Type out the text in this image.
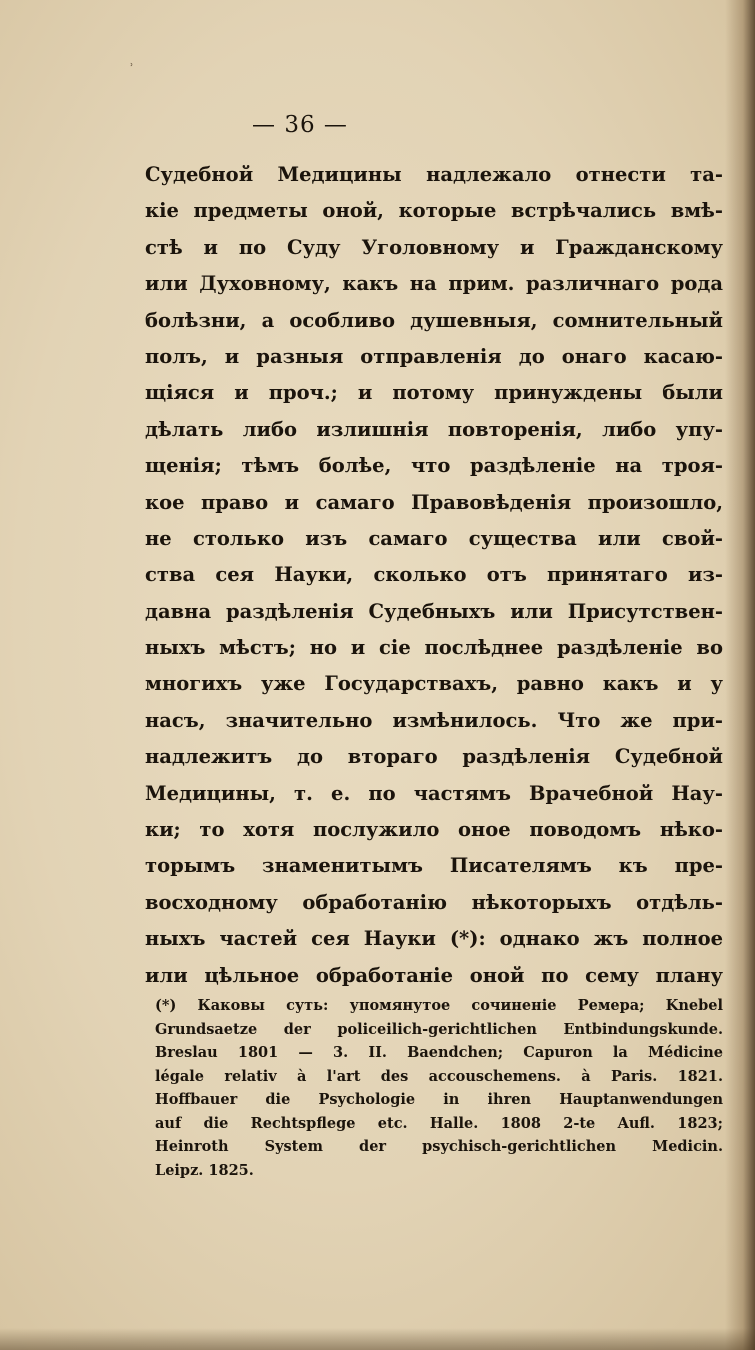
˒
— 36 —
Судебной Медицины надлежало отнести та-
кіе предметы оной, которые встрѣчались вмѣ-
стѣ и по Суду Уголовному и Гражданскому
или Духовному, какъ на прим. различнаго рода
болѣзни, а особливо душевныя, сомнительный
полъ, и разныя отправленія до онаго касаю-
щіяся и проч.; и потому принуждены были
дѣлать либо излишнія повторенія, либо упу-
щенія; тѣмъ болѣе, что раздѣленіе на троя-
кое право и самаго Правовѣденія произошло,
не столько изъ самаго существа или свой-
ства сея Науки, сколько отъ принятаго из-
давна раздѣленія Судебныхъ или Присутствен-
ныхъ мѣстъ; но и сіе послѣднее раздѣленіе во
многихъ уже Государствахъ, равно какъ и у
насъ, значительно измѣнилось. Что же при-
надлежитъ до втораго раздѣленія Судебной
Медицины, т. е. по частямъ Врачебной Нау-
ки; то хотя послужило оное поводомъ нѣко-
торымъ знаменитымъ Писателямъ къ пре-
восходному обработанію нѣкоторыхъ отдѣль-
ныхъ частей сея Науки (*): однако жъ полное
или цѣльное обработаніе оной по сему плану
(*) Каковы суть: упомянутое сочиненіе Ремера; Knebel
Grundsaetze der policeilich-gerichtlichen Entbindungskunde.
Breslau 1801 — 3. II. Baendchen; Capuron la Médicine
légale relativ à l'art des accouschemens. à Paris. 1821.
Hoffbauer die Psychologie in ihren Hauptanwendungen
auf die Rechtspflege etc. Halle. 1808 2-te Aufl. 1823;
Heinroth System der psychisch-gerichtlichen Medicin.
Leipz. 1825.
